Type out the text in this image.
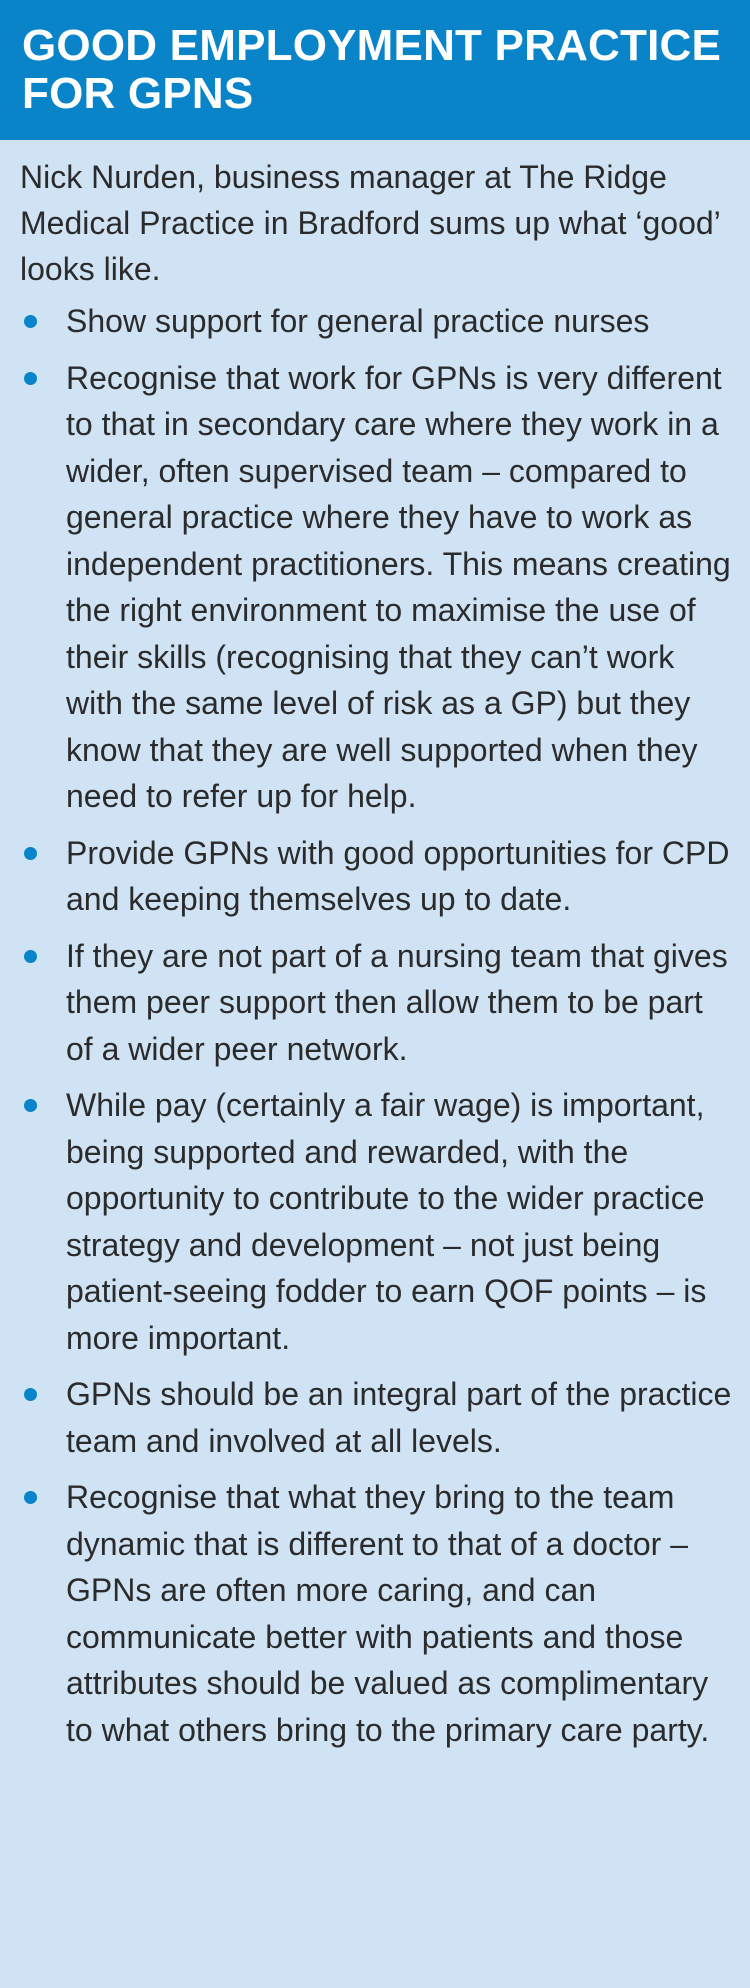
GOOD EMPLOYMENT PRACTICE
FOR GPNS

Nick Nurden, business manager at The Ridge Medical Practice in Bradford sums up what ‘good’ looks like.

Show support for general practice nurses
Recognise that work for GPNs is very different to that in secondary care where they work in a wider, often supervised team – compared to general practice where they have to work as independent practitioners. This means creating the right environment to maximise the use of their skills (recognising that they can’t work with the same level of risk as a GP) but they know that they are well supported when they need to refer up for help.
Provide GPNs with good opportunities for CPD and keeping themselves up to date.
If they are not part of a nursing team that gives them peer support then allow them to be part of a wider peer network.
While pay (certainly a fair wage) is important, being supported and rewarded, with the opportunity to contribute to the wider practice strategy and development – not just being patient-seeing fodder to earn QOF points – is more important.
GPNs should be an integral part of the practice team and involved at all levels.
Recognise that what they bring to the team dynamic that is different to that of a doctor – GPNs are often more caring, and can communicate better with patients and those attributes should be valued as complimentary to what others bring to the primary care party.
